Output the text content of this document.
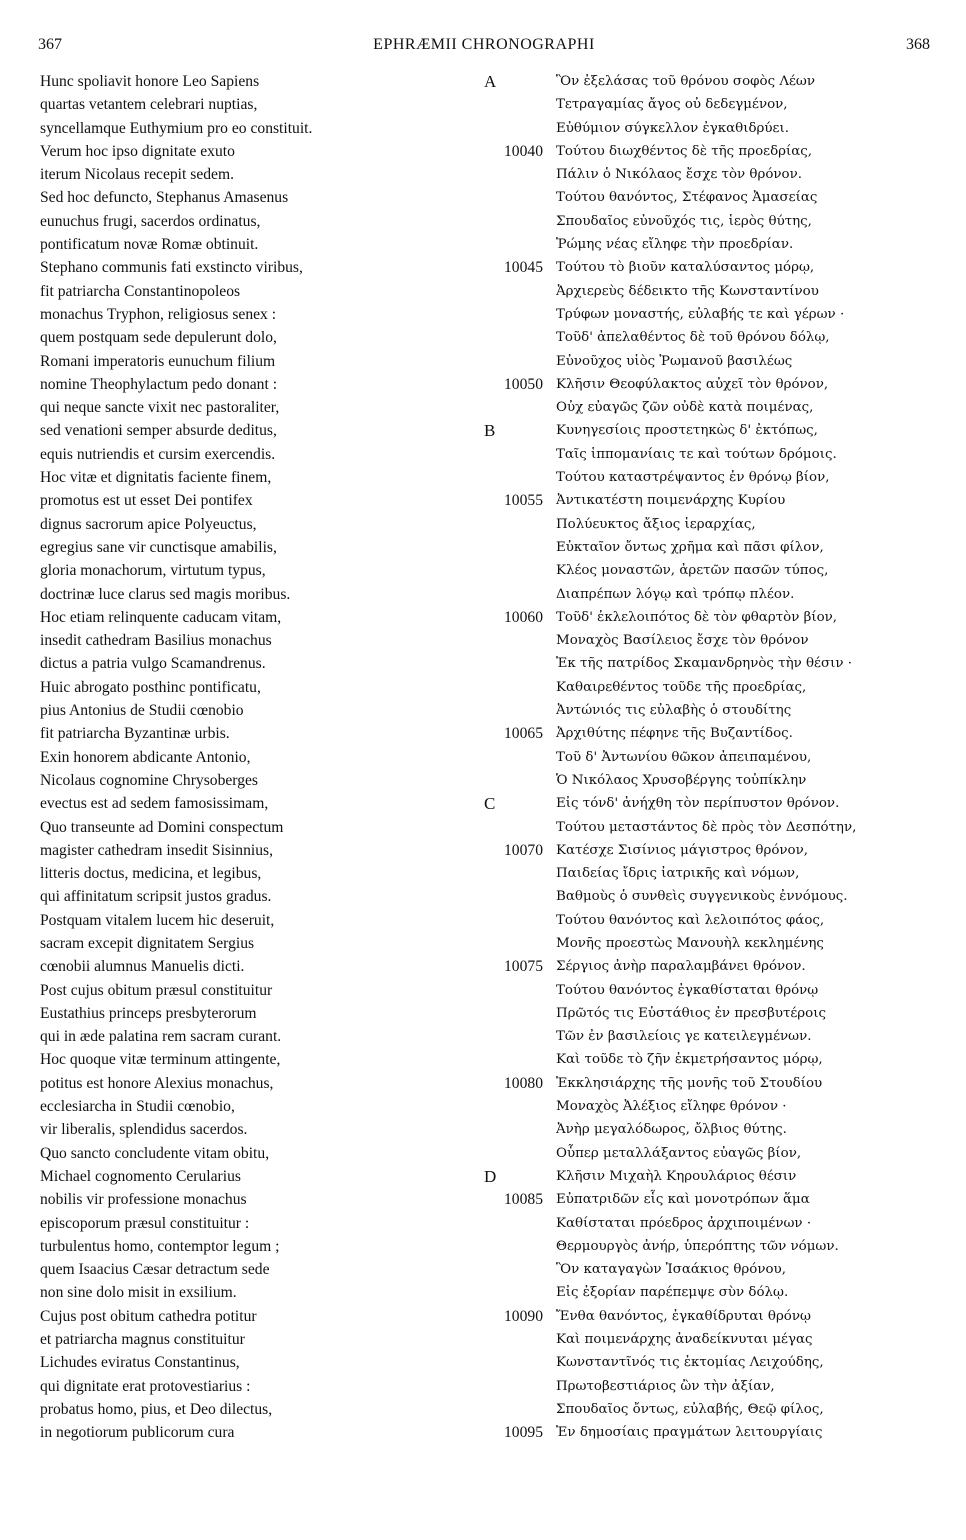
367	EPHRÆMII CHRONOGRAPHI	368
Hunc spoliavit honore Leo Sapiens
quartas vetantem celebrari nuptias,
syncellamque Euthymium pro eo constituit.
Verum hoc ipso dignitate exuto
iterum Nicolaus recepit sedem.
Sed hoc defuncto, Stephanus Amasenus
eunuchus frugi, sacerdos ordinatus,
pontificatum novæ Romæ obtinuit.
Stephano communis fati exstincto viribus,
fit patriarcha Constantinopoleos
monachus Tryphon, religiosus senex :
quem postquam sede depulerunt dolo,
Romani imperatoris eunuchum filium
nomine Theophylactum pedo donant :
qui neque sancte vixit nec pastoraliter,
sed venationi semper absurde deditus,
equis nutriendis et cursim exercendis.
Hoc vitæ et dignitatis faciente finem,
promotus est ut esset Dei pontifex
dignus sacrorum apice Polyeuctus,
egregius sane vir cunctisque amabilis,
gloria monachorum, virtutum typus,
doctrinæ luce clarus sed magis moribus.
Hoc etiam relinquente caducam vitam,
insedit cathedram Basilius monachus
dictus a patria vulgo Scamandrenus.
Huic abrogato posthinc pontificatu,
pius Antonius de Studii cœnobio
fit patriarcha Byzantinæ urbis.
Exin honorem abdicante Antonio,
Nicolaus cognomine Chrysoberges
evectus est ad sedem famosissimam,
Quo transeunte ad Domini conspectum
magister cathedram insedit Sisinnius,
litteris doctus, medicina, et legibus,
qui affinitatum scripsit justos gradus.
Postquam vitalem lucem hic deseruit,
sacram excepit dignitatem Sergius
cœnobii alumnus Manuelis dicti.
Post cujus obitum præsul constituitur
Eustathius princeps presbyterorum
qui in æde palatina rem sacram curant.
Hoc quoque vitæ terminum attingente,
potitus est honore Alexius monachus,
ecclesiarcha in Studii cœnobio,
vir liberalis, splendidus sacerdos.
Quo sancto concludente vitam obitu,
Michael cognomento Cerularius
nobilis vir professione monachus
episcoporum præsul constituitur :
turbulentus homo, contemptor legum ;
quem Isaacius Cæsar detractum sede
non sine dolo misit in exsilium.
Cujus post obitum cathedra potitur
et patriarcha magnus constituitur
Lichudes eviratus Constantinus,
qui dignitate erat protovestiarius :
probatus homo, pius, et Deo dilectus,
in negotiorum publicorum cura
A
10040
10045
10050
B
10055
10060
10065
C
10070
10075
10080
D
10085
10090
10095
Ὃν ἐξελάσας τοῦ θρόνου σοφὸς Λέων
Τετραγαμίας ἄγος οὐ δεδεγμένον,
Εὐθύμιον σύγκελλον ἐγκαθιδρύει.
Τούτου διωχθέντος δὲ τῆς προεδρίας,
Πάλιν ὁ Νικόλαος ἔσχε τὸν θρόνον.
Τούτου θανόντος, Στέφανος Ἀμασείας
Σπουδαῖος εὐνοῦχός τις, ἱερὸς θύτης,
Ῥώμης νέας εἴληφε τὴν προεδρίαν.
Τούτου τὸ βιοῦν καταλύσαντος μόρῳ,
Ἀρχιερεὺς δέδεικτο τῆς Κωνσταντίνου
Τρύφων μοναστής, εὐλαβής τε καὶ γέρων ·
Τοῦδ' ἀπελαθέντος δὲ τοῦ θρόνου δόλῳ,
Εὐνοῦχος υἱὸς Ῥωμανοῦ βασιλέως
Κλῆσιν Θεοφύλακτος αὐχεῖ τὸν θρόνον,
Οὐχ εὐαγῶς ζῶν οὐδὲ κατὰ ποιμένας,
Κυνηγεσίοις προστετηκὼς δ' ἐκτόπως,
Ταῖς ἱππομανίαις τε καὶ τούτων δρόμοις.
Τούτου καταστρέψαντος ἐν θρόνῳ βίον,
Ἀντικατέστη ποιμενάρχης Κυρίου
Πολύευκτος ἄξιος ἱεραρχίας,
Εὐκταῖον ὄντως χρῆμα καὶ πᾶσι φίλον,
Κλέος μοναστῶν, ἀρετῶν πασῶν τύπος,
Διαπρέπων λόγῳ καὶ τρόπῳ πλέον.
Τοῦδ' ἐκλελοιπότος δὲ τὸν φθαρτὸν βίον,
Μοναχὸς Βασίλειος ἔσχε τὸν θρόνον
Ἐκ τῆς πατρίδος Σκαμανδρηνὸς τὴν θέσιν ·
Καθαιρεθέντος τοῦδε τῆς προεδρίας,
Ἀντώνιός τις εὐλαβὴς ὁ στουδίτης
Ἀρχιθύτης πέφηνε τῆς Βυζαντίδος.
Τοῦ δ' Ἀντωνίου θῶκον ἀπειπαμένου,
Ὁ Νικόλαος Χρυσοβέργης τοὐπίκλην
Εἰς τόνδ' ἀνήχθη τὸν περίπυστον θρόνον.
Τούτου μεταστάντος δὲ πρὸς τὸν Δεσπότην,
Κατέσχε Σισίνιος μάγιστρος θρόνον,
Παιδείας ἴδρις ἰατρικῆς καὶ νόμων,
Βαθμοὺς ὁ συνθεὶς συγγενικοὺς ἐννόμους.
Τούτου θανόντος καὶ λελοιπότος φάος,
Μονῆς προεστὼς Μανουὴλ κεκλημένης
Σέργιος ἀνὴρ παραλαμβάνει θρόνον.
Τούτου θανόντος ἐγκαθίσταται θρόνῳ
Πρῶτός τις Εὐστάθιος ἐν πρεσβυτέροις
Τῶν ἐν βασιλείοις γε κατειλεγμένων.
Καὶ τοῦδε τὸ ζῆν ἐκμετρήσαντος μόρῳ,
Ἐκκλησιάρχης τῆς μονῆς τοῦ Στουδίου
Μοναχὸς Ἀλέξιος εἴληφε θρόνον ·
Ἀνὴρ μεγαλόδωρος, ὄλβιος θύτης.
Οὗπερ μεταλλάξαντος εὐαγῶς βίον,
Κλῆσιν Μιχαὴλ Κηρουλάριος θέσιν
Εὐπατριδῶν εἷς καὶ μονοτρόπων ἅμα
Καθίσταται πρόεδρος ἀρχιποιμένων ·
Θερμουργὸς ἀνήρ, ὑπερόπτης τῶν νόμων.
Ὃν καταγαγὼν Ἰσαάκιος θρόνου,
Εἰς ἐξορίαν παρέπεμψε σὺν δόλῳ.
Ἔνθα θανόντος, ἐγκαθίδρυται θρόνῳ
Καὶ ποιμενάρχης ἀναδείκνυται μέγας
Κωνσταντῖνός τις ἐκτομίας Λειχούδης,
Πρωτοβεστιάριος ὢν τὴν ἀξίαν,
Σπουδαῖος ὄντως, εὐλαβής, Θεῷ φίλος,
Ἐν δημοσίαις πραγμάτων λειτουργίαις
